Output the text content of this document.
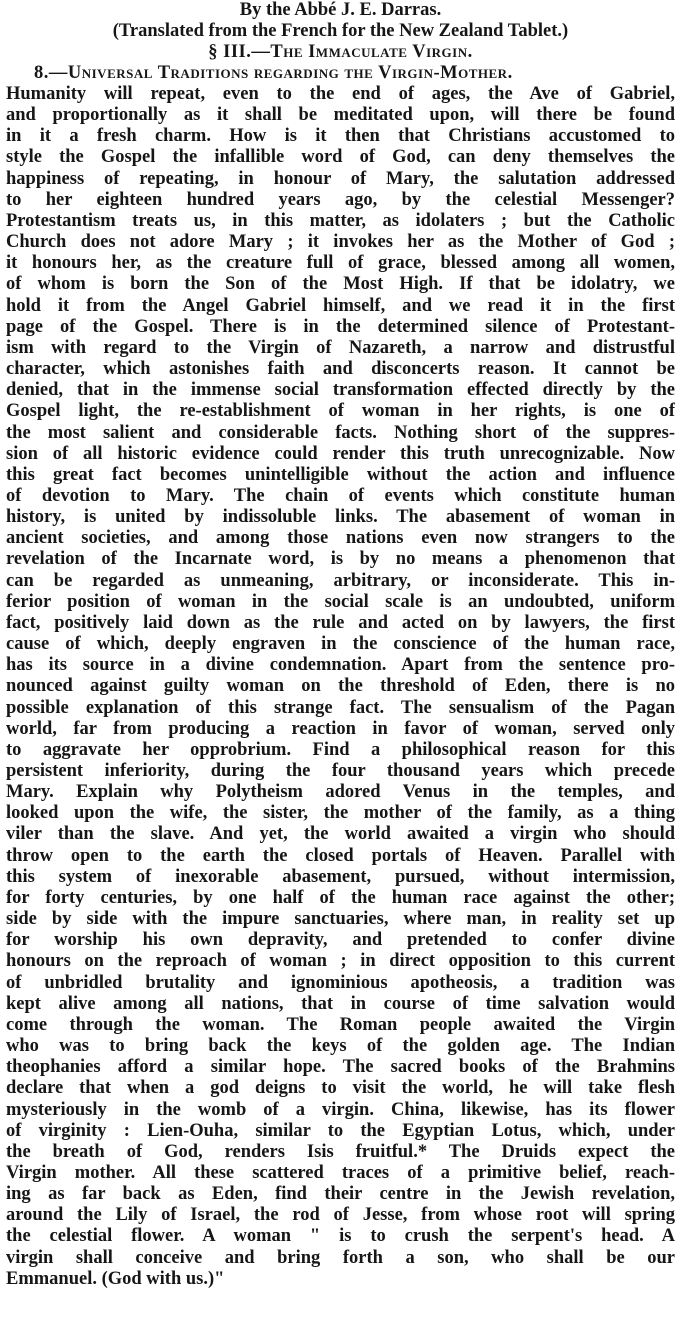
By the Abbé J. E. Darras.
(Translated from the French for the New Zealand Tablet.)
§ III.—The Immaculate Virgin.
8.—Universal Traditions regarding the Virgin-Mother.
Humanity will repeat, even to the end of ages, the Ave of Gabriel,
and proportionally as it shall be meditated upon, will there be found
in it a fresh charm. How is it then that Christians accustomed to
style the Gospel the infallible word of God, can deny themselves the
happiness of repeating, in honour of Mary, the salutation addressed
to her eighteen hundred years ago, by the celestial Messenger?
Protestantism treats us, in this matter, as idolaters ; but the Catholic
Church does not adore Mary ; it invokes her as the Mother of God ;
it honours her, as the creature full of grace, blessed among all women,
of whom is born the Son of the Most High. If that be idolatry, we
hold it from the Angel Gabriel himself, and we read it in the first
page of the Gospel. There is in the determined silence of Protestant-
ism with regard to the Virgin of Nazareth, a narrow and distrustful
character, which astonishes faith and disconcerts reason. It cannot be
denied, that in the immense social transformation effected directly by the
Gospel light, the re-establishment of woman in her rights, is one of
the most salient and considerable facts. Nothing short of the suppres-
sion of all historic evidence could render this truth unrecognizable. Now
this great fact becomes unintelligible without the action and influence
of devotion to Mary. The chain of events which constitute human
history, is united by indissoluble links. The abasement of woman in
ancient societies, and among those nations even now strangers to the
revelation of the Incarnate word, is by no means a phenomenon that
can be regarded as unmeaning, arbitrary, or inconsiderate. This in-
ferior position of woman in the social scale is an undoubted, uniform
fact, positively laid down as the rule and acted on by lawyers, the first
cause of which, deeply engraven in the conscience of the human race,
has its source in a divine condemnation. Apart from the sentence pro-
nounced against guilty woman on the threshold of Eden, there is no
possible explanation of this strange fact. The sensualism of the Pagan
world, far from producing a reaction in favor of woman, served only
to aggravate her opprobrium. Find a philosophical reason for this
persistent inferiority, during the four thousand years which precede
Mary. Explain why Polytheism adored Venus in the temples, and
looked upon the wife, the sister, the mother of the family, as a thing
viler than the slave. And yet, the world awaited a virgin who should
throw open to the earth the closed portals of Heaven. Parallel with
this system of inexorable abasement, pursued, without intermission,
for forty centuries, by one half of the human race against the other;
side by side with the impure sanctuaries, where man, in reality set up
for worship his own depravity, and pretended to confer divine
honours on the reproach of woman ; in direct opposition to this current
of unbridled brutality and ignominious apotheosis, a tradition was
kept alive among all nations, that in course of time salvation would
come through the woman. The Roman people awaited the Virgin
who was to bring back the keys of the golden age. The Indian
theophanies afford a similar hope. The sacred books of the Brahmins
declare that when a god deigns to visit the world, he will take flesh
mysteriously in the womb of a virgin. China, likewise, has its flower
of virginity : Lien-Ouha, similar to the Egyptian Lotus, which, under
the breath of God, renders Isis fruitful.* The Druids expect the
Virgin mother. All these scattered traces of a primitive belief, reach-
ing as far back as Eden, find their centre in the Jewish revelation,
around the Lily of Israel, the rod of Jesse, from whose root will spring
the celestial flower. A woman " is to crush the serpent's head. A
virgin shall conceive and bring forth a son, who shall be our
Emmanuel. (God with us.)"
